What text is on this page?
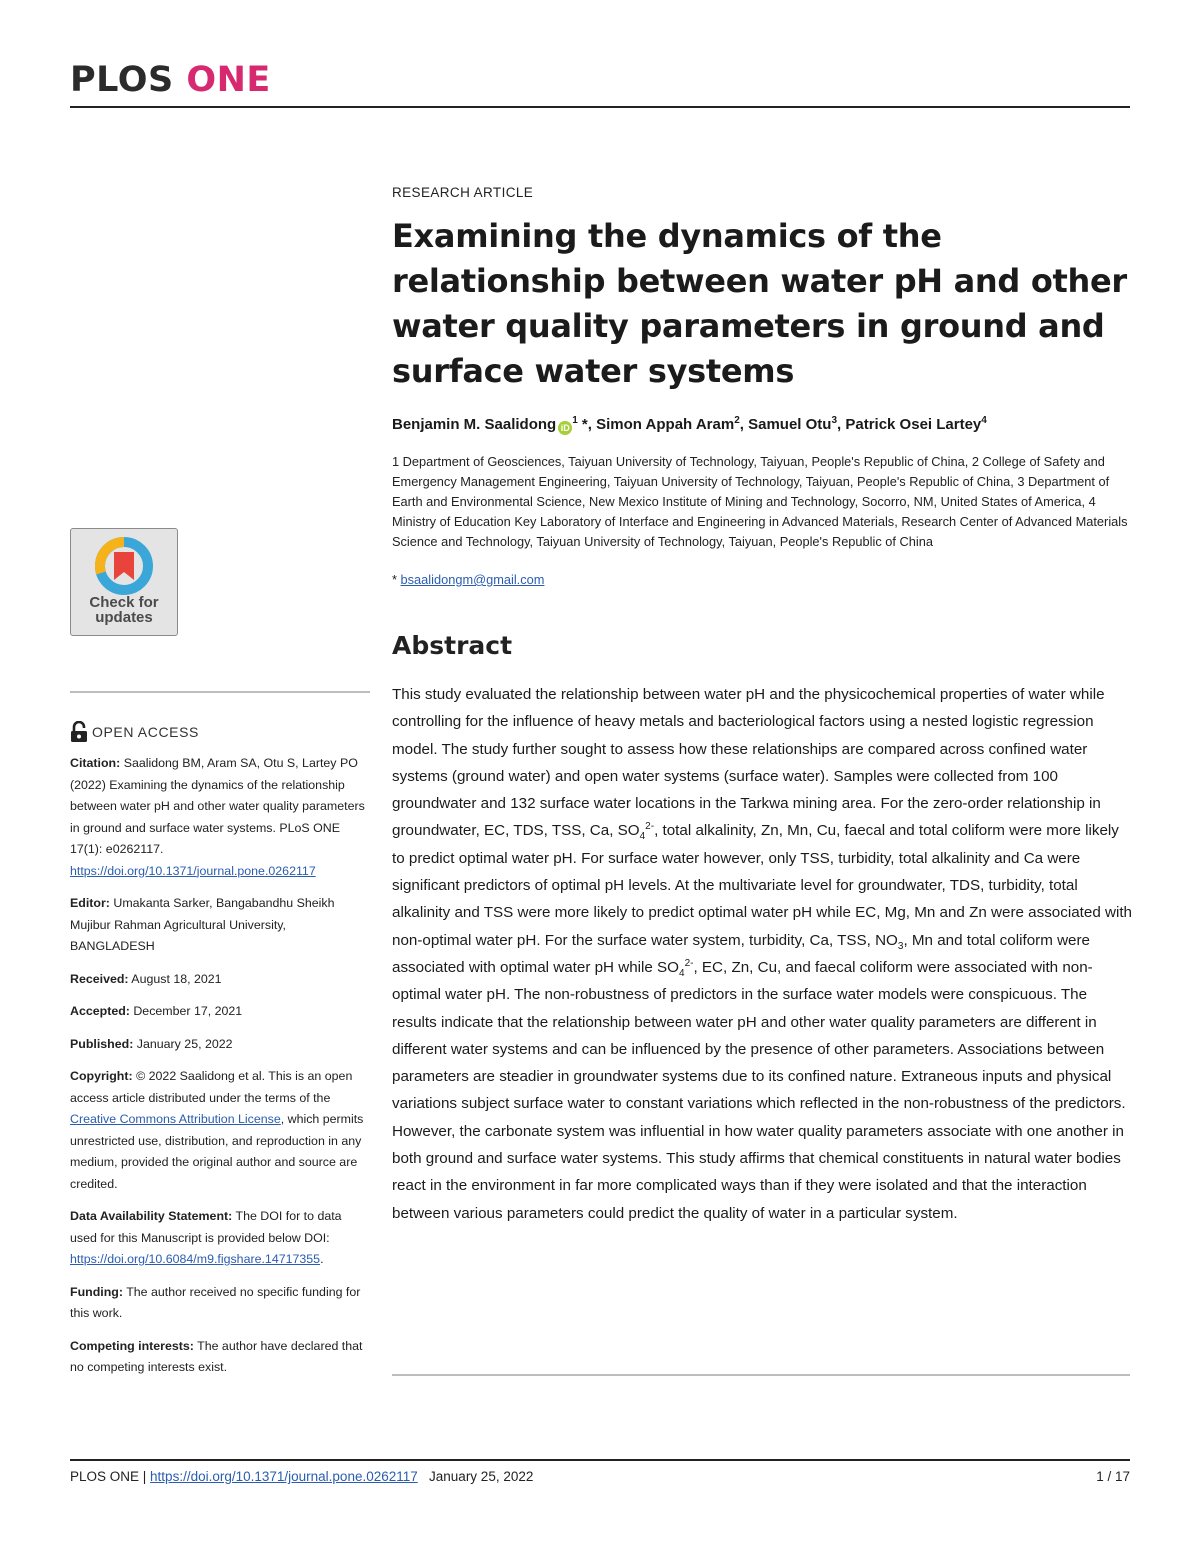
PLOS ONE
Check for
updates
OPEN ACCESS
Citation: Saalidong BM, Aram SA, Otu S, Lartey PO (2022) Examining the dynamics of the relationship between water pH and other water quality parameters in ground and surface water systems. PLoS ONE 17(1): e0262117. https://doi.org/10.1371/journal.pone.0262117
Editor: Umakanta Sarker, Bangabandhu Sheikh Mujibur Rahman Agricultural University, BANGLADESH
Received: August 18, 2021
Accepted: December 17, 2021
Published: January 25, 2022
Copyright: © 2022 Saalidong et al. This is an open access article distributed under the terms of the Creative Commons Attribution License, which permits unrestricted use, distribution, and reproduction in any medium, provided the original author and source are credited.
Data Availability Statement: The DOI for to data used for this Manuscript is provided below DOI: https://doi.org/10.6084/m9.figshare.14717355.
Funding: The author received no specific funding for this work.
Competing interests: The author have declared that no competing interests exist.
RESEARCH ARTICLE
Examining the dynamics of the relationship between water pH and other water quality parameters in ground and surface water systems
Benjamin M. Saalidong $iD^1$ *, Simon Appah Aram$^2$, Samuel Otu$^3$, Patrick Osei Lartey$^4$
1 Department of Geosciences, Taiyuan University of Technology, Taiyuan, People's Republic of China, 2 College of Safety and Emergency Management Engineering, Taiyuan University of Technology, Taiyuan, People's Republic of China, 3 Department of Earth and Environmental Science, New Mexico Institute of Mining and Technology, Socorro, NM, United States of America, 4 Ministry of Education Key Laboratory of Interface and Engineering in Advanced Materials, Research Center of Advanced Materials Science and Technology, Taiyuan University of Technology, Taiyuan, People's Republic of China
* bsaalidongm@gmail.com
Abstract

This study evaluated the relationship between water pH and the physicochemical properties of water while controlling for the influence of heavy metals and bacteriological factors using a nested logistic regression model. The study further sought to assess how these relationships are compared across confined water systems (ground water) and open water systems (surface water). Samples were collected from 100 groundwater and 132 surface water locations in the Tarkwa mining area. For the zero-order relationship in groundwater, EC, TDS, TSS, Ca, $SO_4^{2-}$, total alkalinity, Zn, Mn, Cu, faecal and total coliform were more likely to predict optimal water pH. For surface water however, only TSS, turbidity, total alkalinity and Ca were significant predictors of optimal pH levels. At the multivariate level for groundwater, TDS, turbidity, total alkalinity and TSS were more likely to predict optimal water pH while EC, Mg, Mn and Zn were associated with non-optimal water pH. For the surface water system, turbidity, Ca, TSS, $NO_3$, Mn and total coliform were associated with optimal water pH while $SO_4^{2-}$, EC, Zn, Cu, and faecal coliform were associated with non-optimal water pH. The non-robustness of predictors in the surface water models were conspicuous. The results indicate that the relationship between water pH and other water quality parameters are different in different water systems and can be influenced by the presence of other parameters. Associations between parameters are steadier in groundwater systems due to its confined nature. Extraneous inputs and physical variations subject surface water to constant variations which reflected in the non-robustness of the predictors. However, the carbonate system was influential in how water quality parameters associate with one another in both ground and surface water systems. This study affirms that chemical constituents in natural water bodies react in the environment in far more complicated ways than if they were isolated and that the interaction between various parameters could predict the quality of water in a particular system.

PLOS ONE | https://doi.org/10.1371/journal.pone.0262117 January 25, 2022	1 / 17
